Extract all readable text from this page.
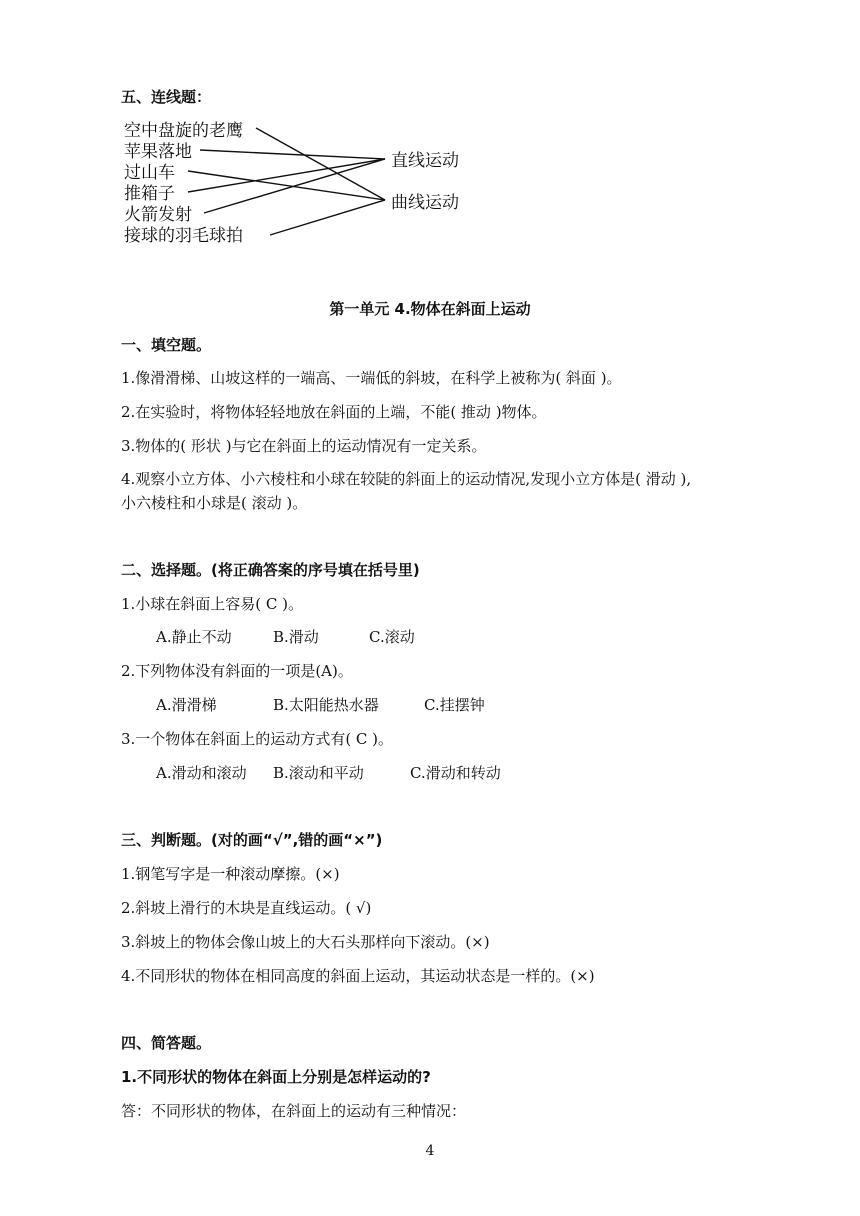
五、连线题：
空中盘旋的老鹰
苹果落地
过山车
推箱子
火箭发射
接球的羽毛球拍
直线运动
曲线运动
第一单元 4.物体在斜面上运动
一、填空题。
1.像滑滑梯、山坡这样的一端高、一端低的斜坡，在科学上被称为( 斜面 )。
2.在实验时，将物体轻轻地放在斜面的上端，不能( 推动 )物体。
3.物体的( 形状 )与它在斜面上的运动情况有一定关系。
4.观察小立方体、小六棱柱和小球在较陡的斜面上的运动情况,发现小立方体是( 滑动 ),
小六棱柱和小球是( 滚动 )。
二、选择题。(将正确答案的序号填在括号里)
1.小球在斜面上容易( C )。
A.静止不动	B.滑动	C.滚动
2.下列物体没有斜面的一项是(A)。
A.滑滑梯	B.太阳能热水器	C.挂摆钟
3.一个物体在斜面上的运动方式有( C )。
A.滑动和滚动 B.滚动和平动	C.滑动和转动
三、判断题。(对的画“√”,错的画“×”)
1.钢笔写字是一种滚动摩擦。(×)
2.斜坡上滑行的木块是直线运动。( √)
3.斜坡上的物体会像山坡上的大石头那样向下滚动。(×)
4.不同形状的物体在相同高度的斜面上运动，其运动状态是一样的。(×)
四、简答题。
1.不同形状的物体在斜面上分别是怎样运动的?
答：不同形状的物体，在斜面上的运动有三种情况：
4
